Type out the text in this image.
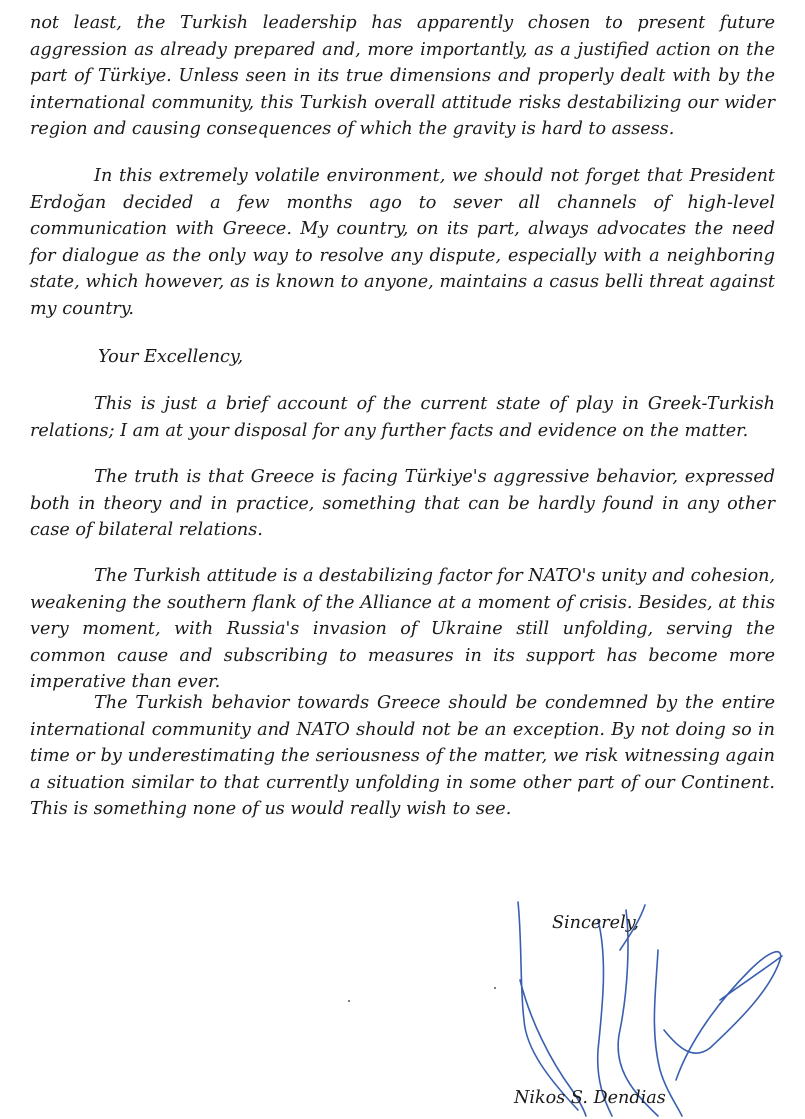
not least, the Turkish leadership has apparently chosen to present future aggression as already prepared and, more importantly, as a justified action on the part of Türkiye. Unless seen in its true dimensions and properly dealt with by the international community, this Turkish overall attitude risks destabilizing our wider region and causing consequences of which the gravity is hard to assess.

In this extremely volatile environment, we should not forget that President Erdoğan decided a few months ago to sever all channels of high-level communication with Greece. My country, on its part, always advocates the need for dialogue as the only way to resolve any dispute, especially with a neighboring state, which however, as is known to anyone, maintains a casus belli threat against my country.

Your Excellency,

This is just a brief account of the current state of play in Greek-Turkish relations; I am at your disposal for any further facts and evidence on the matter.

The truth is that Greece is facing Türkiye's aggressive behavior, expressed both in theory and in practice, something that can be hardly found in any other case of bilateral relations.

The Turkish attitude is a destabilizing factor for NATO's unity and cohesion, weakening the southern flank of the Alliance at a moment of crisis. Besides, at this very moment, with Russia's invasion of Ukraine still unfolding, serving the common cause and subscribing to measures in its support has become more imperative than ever.

The Turkish behavior towards Greece should be condemned by the entire international community and NATO should not be an exception. By not doing so in time or by underestimating the seriousness of the matter, we risk witnessing again a situation similar to that currently unfolding in some other part of our Continent. This is something none of us would really wish to see.

Sincerely,

Nikos S. Dendias
